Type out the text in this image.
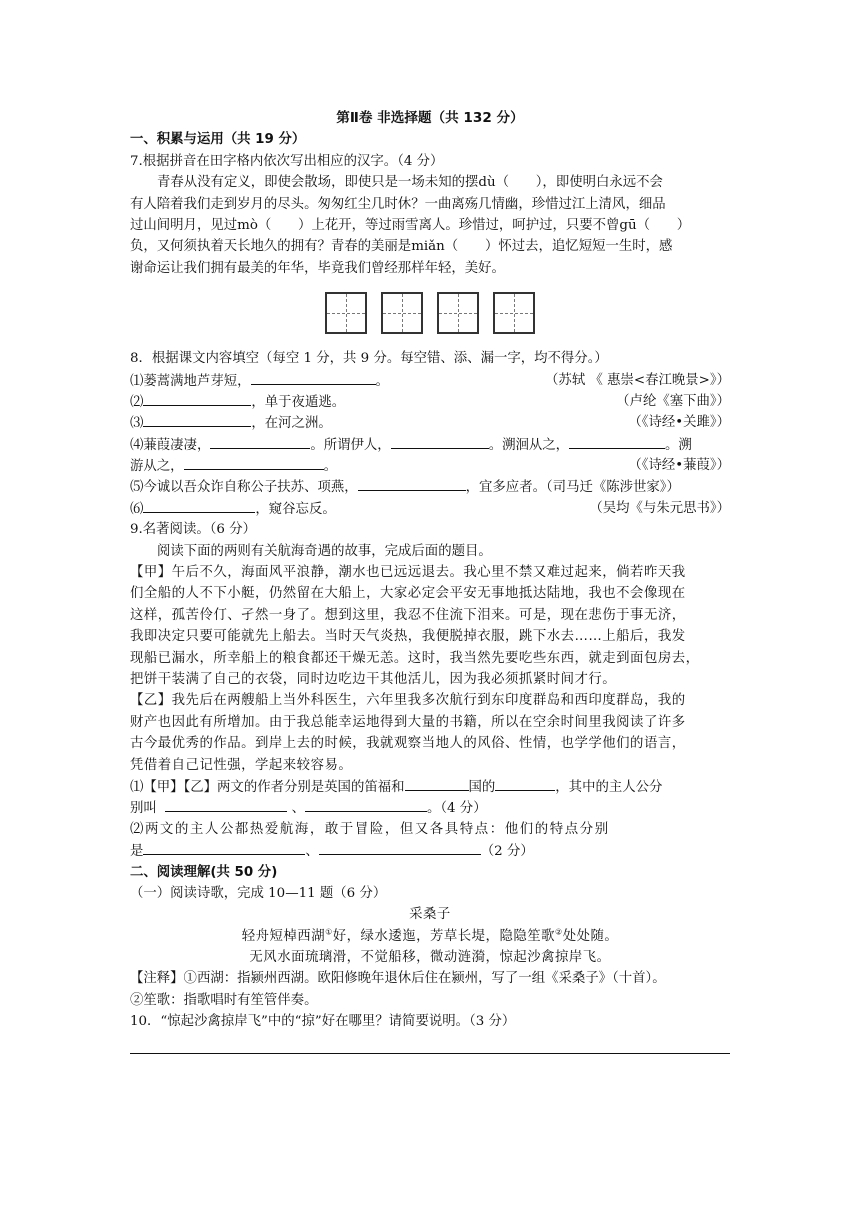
第Ⅱ卷 非选择题（共 132 分）
一、积累与运用（共 19 分）
7.根据拼音在田字格内依次写出相应的汉字。（4 分）
青春从没有定义，即使会散场，即使只是一场未知的摆dù（　　），即使明白永远不会
有人陪着我们走到岁月的尽头。匆匆红尘几时休？一曲离殇几情幽，珍惜过江上清风，细品
过山间明月，见过mò（　　）上花开，等过雨雪离人。珍惜过，呵护过，只要不曾gū（　　）
负，又何须执着天长地久的拥有？青春的美丽是miǎn（　　）怀过去，追忆短短一生时，感
谢命运让我们拥有最美的年华，毕竟我们曾经那样年轻，美好。
8．根据课文内容填空（每空 1 分，共 9 分。每空错、添、漏一字，均不得分。）
⑴蒌蒿满地芦芽短，	。	（苏轼 《 惠崇<春江晚景>》）
⑵	，单于夜遁逃。	（卢纶《塞下曲》）
⑶	，在河之洲。	（《诗经•关雎》）
⑷蒹葭凄凄，	。所谓伊人，	。溯洄从之，	。溯
游从之，	。	（《诗经•蒹葭》）
⑸今诚以吾众诈自称公子扶苏、项燕，	，宜多应者。（司马迁《陈涉世家》）
⑹	，窥谷忘反。	（吴均《与朱元思书》）
9.名著阅读。（6 分）
阅读下面的两则有关航海奇遇的故事，完成后面的题目。
【甲】午后不久，海面风平浪静，潮水也已远远退去。我心里不禁又难过起来，倘若昨天我
们全船的人不下小艇，仍然留在大船上，大家必定会平安无事地抵达陆地，我也不会像现在
这样，孤苦伶仃、孑然一身了。想到这里，我忍不住流下泪来。可是，现在悲伤于事无济，
我即决定只要可能就先上船去。当时天气炎热，我便脱掉衣服，跳下水去……上船后，我发
现船已漏水，所幸船上的粮食都还干燥无恙。这时，我当然先要吃些东西，就走到面包房去，
把饼干装满了自己的衣袋，同时边吃边干其他活儿，因为我必须抓紧时间才行。
【乙】我先后在两艘船上当外科医生，六年里我多次航行到东印度群岛和西印度群岛，我的
财产也因此有所增加。由于我总能幸运地得到大量的书籍，所以在空余时间里我阅读了许多
古今最优秀的作品。到岸上去的时候，我就观察当地人的风俗、性情，也学学他们的语言，
凭借着自己记性强，学起来较容易。
⑴【甲】【乙】两文的作者分别是英国的笛福和	国的	，其中的主人公分
别叫	、	。（4 分）
⑵两文的主人公都热爱航海，敢于冒险，但又各具特点：他们的特点分别
是	、	（2 分）
二、阅读理解(共 50 分)
（一）阅读诗歌，完成 10—11 题（6 分）
采桑子
轻舟短棹西湖①好，绿水逶迤，芳草长堤，隐隐笙歌②处处随。
无风水面琉璃滑，不觉船移，微动涟漪，惊起沙禽掠岸飞。
【注释】①西湖：指颍州西湖。欧阳修晚年退休后住在颍州，写了一组《采桑子》（十首）。
②笙歌：指歌唱时有笙管伴奏。
10．“惊起沙禽掠岸飞”中的“掠”好在哪里？请简要说明。（3 分）
